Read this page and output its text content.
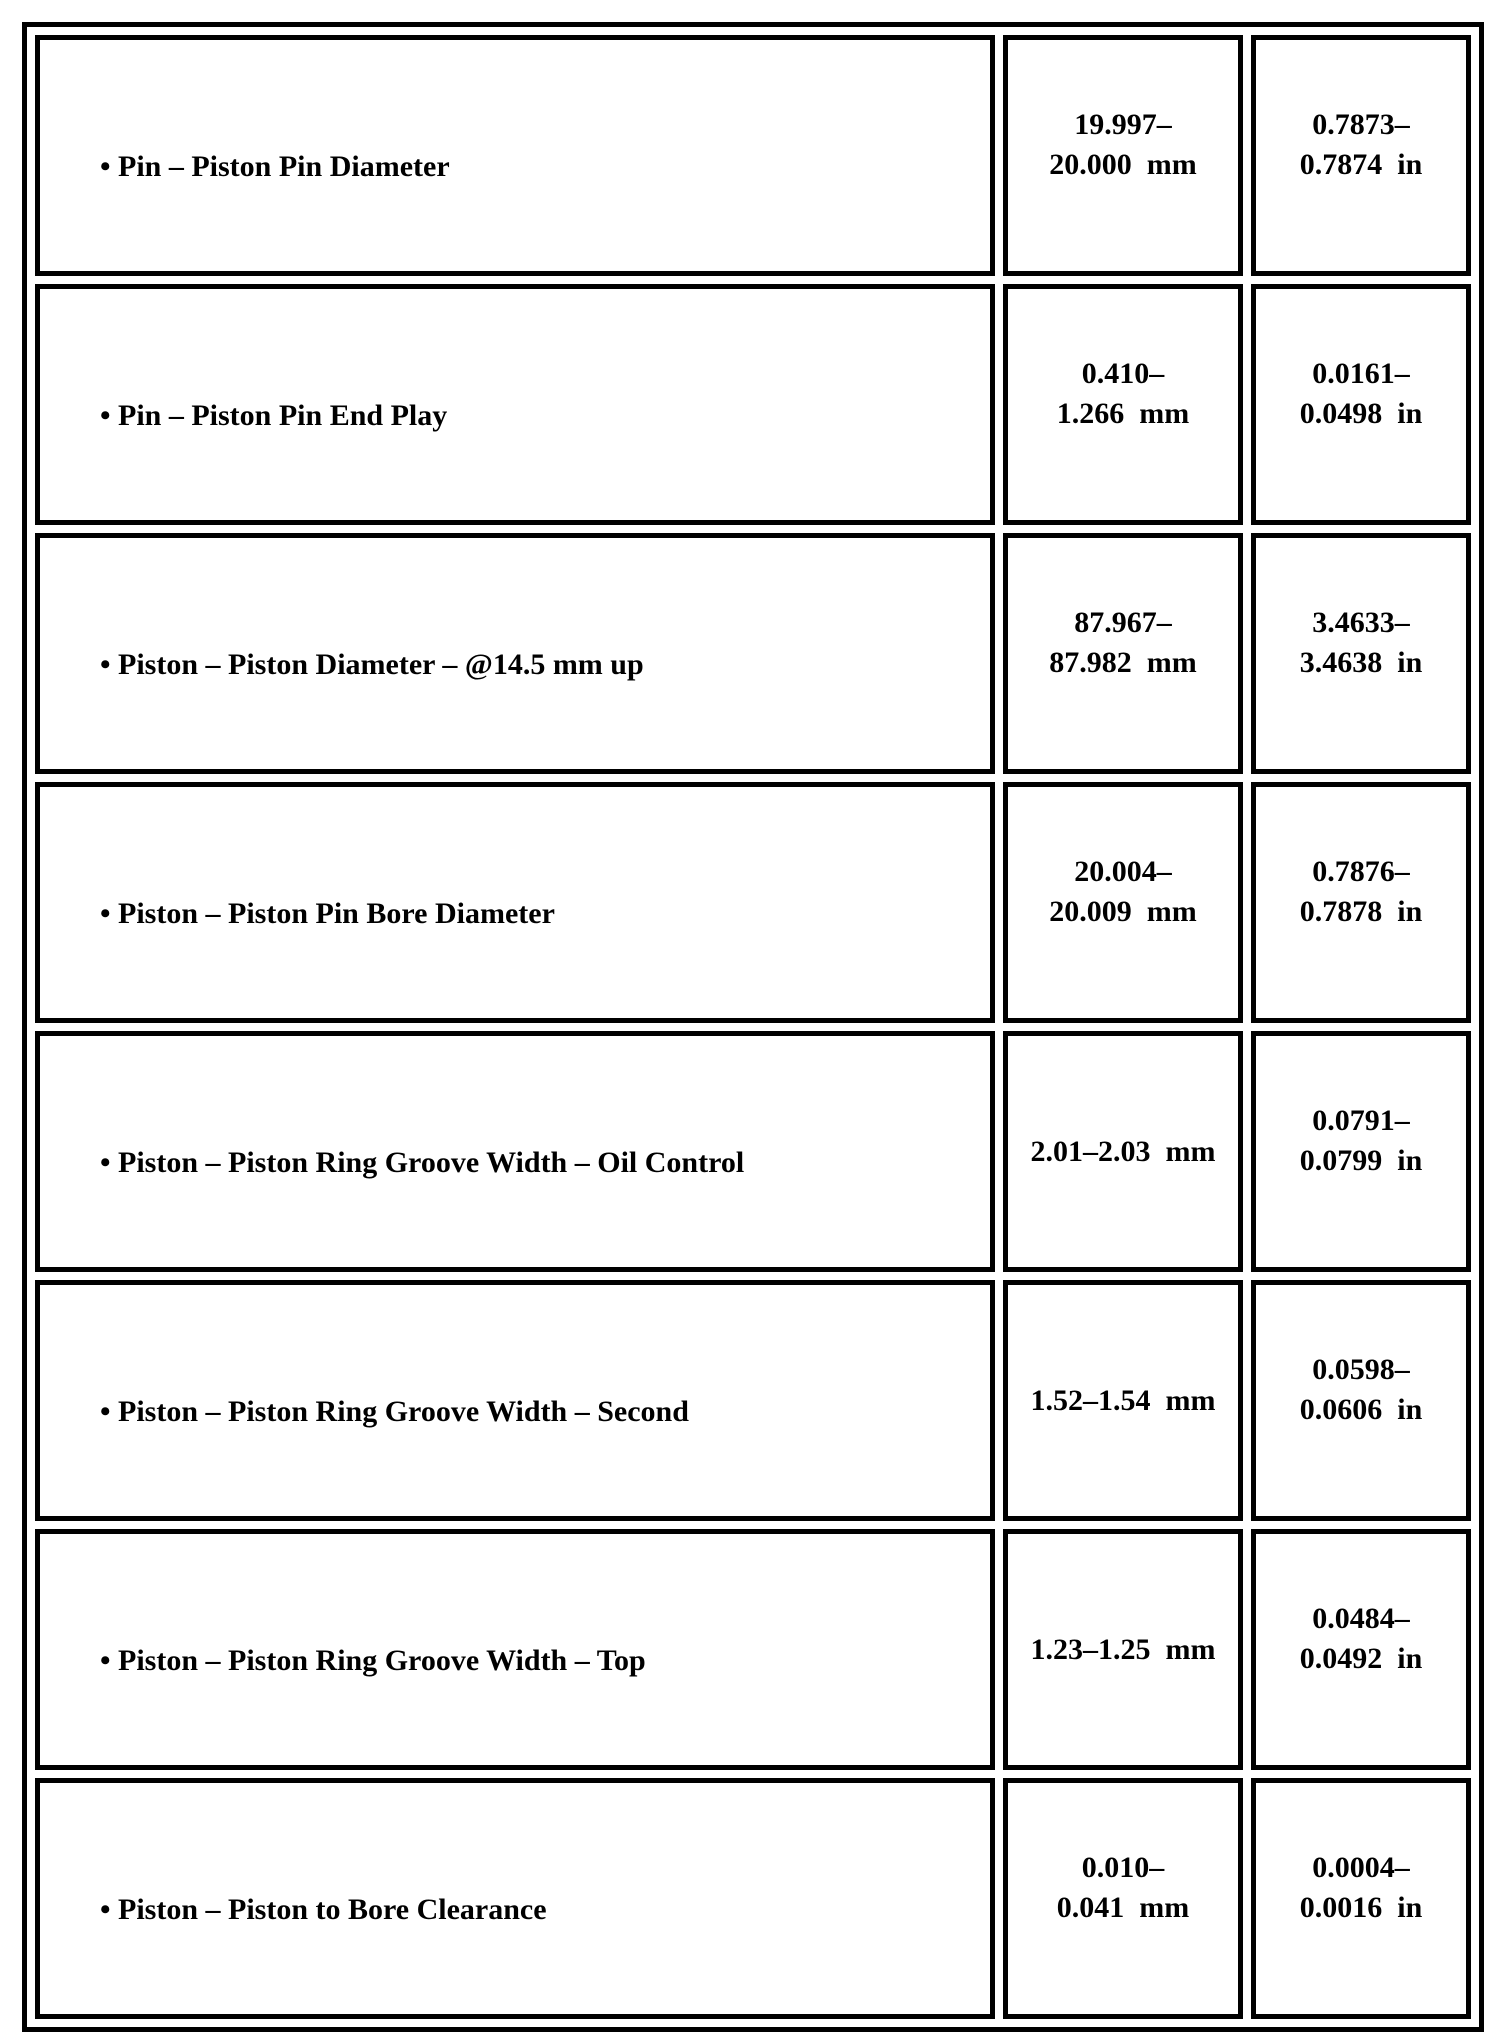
• Pin – Piston Pin Diameter	19.997–
20.000  mm	0.7873–
0.7874  in

• Pin – Piston Pin End Play	0.410–
1.266  mm	0.0161–
0.0498  in

• Piston – Piston Diameter – @14.5 mm up	87.967–
87.982  mm	3.4633–
3.4638  in

• Piston – Piston Pin Bore Diameter	20.004–
20.009  mm	0.7876–
0.7878  in

• Piston – Piston Ring Groove Width – Oil Control	2.01–2.03  mm	0.0791–
0.0799  in

• Piston – Piston Ring Groove Width – Second	1.52–1.54  mm	0.0598–
0.0606  in

• Piston – Piston Ring Groove Width – Top	1.23–1.25  mm	0.0484–
0.0492  in

• Piston – Piston to Bore Clearance	0.010–
0.041  mm	0.0004–
0.0016  in
